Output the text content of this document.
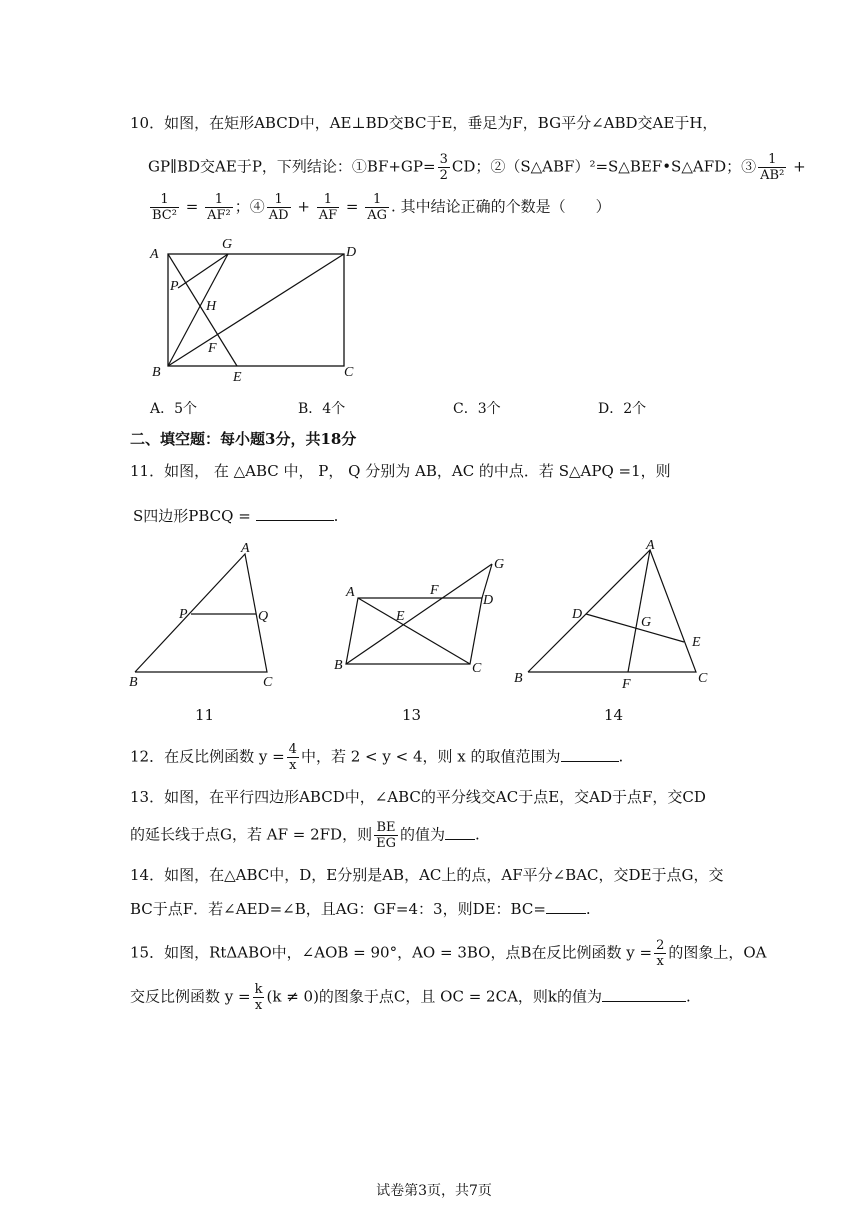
10．如图，在矩形ABCD中，AE⊥BD交BC于E，垂足为F，BG平分∠ABD交AE于H，
GP∥BD交AE于P，下列结论：①BF+GP= $\frac{3}{2}$ CD；②（S△ABF）²=S△BEF•S△AFD；③ $\frac{1}{\text{AB²}}$ +
$\frac{1}{\text{BC²}} = \frac{1}{\text{AF²}}$ ；④ $\frac{1}{AD} + \frac{1}{AF} = \frac{1}{AG}$ . 其中结论正确的个数是（　　）
A
G
D
P
H
F
B	E	C
A．5个	B．4个	C．3个	D．2个
二、填空题：每小题3分，共18分
11．如图， 在 △ABC 中， P， Q 分别为 AB，AC 的中点．若 S△APQ =1，则
S四边形PBCQ =	.
A
P	Q
B	C
11
A	F
G
D
E
B	C
13
A
D
G
E
B	F	C
14
12．在反比例函数 $y = \frac{4}{x}$ 中，若 2 < y < 4，则 x 的取值范围为	.
13．如图，在平行四边形ABCD中，∠ABC的平分线交AC于点E，交AD于点F，交CD
的延长线于点G，若 AF = 2FD，则 $\frac{BE}{EG}$ 的值为 .
14．如图，在△ABC中，D，E分别是AB，AC上的点，AF平分∠BAC，交DE于点G，交
BC于点F．若∠AED=∠B，且AG：GF=4：3，则DE：BC=	.
15．如图，RtΔABO中，∠AOB = 90°，AO = 3BO，点B在反比例函数 $y = \frac{2}{x}$ 的图象上，OA
交反比例函数 $y = \frac{k}{x} (k \ne 0)$的图象于点C，且 OC = 2CA，则k的值为	.
试卷第3页，共7页
